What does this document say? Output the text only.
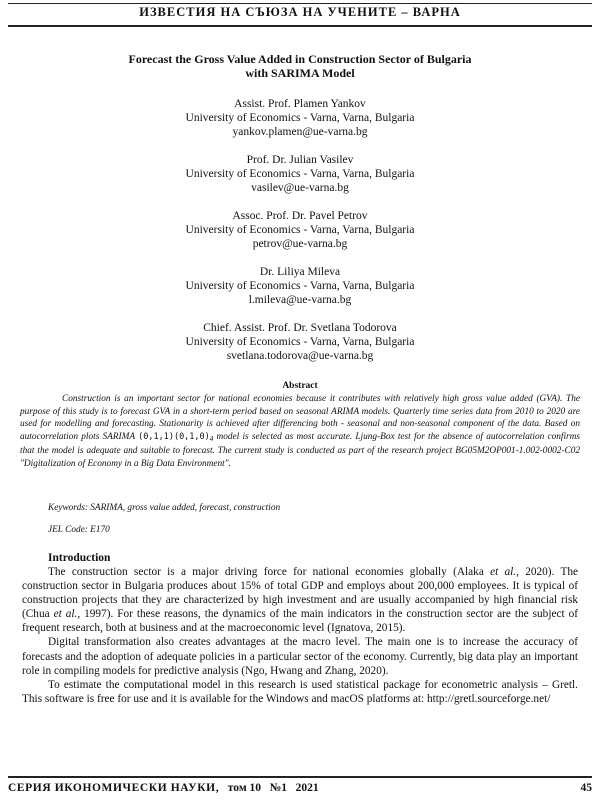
ИЗВЕСТИЯ НА СЪЮЗА НА УЧЕНИТЕ – ВАРНА
Forecast the Gross Value Added in Construction Sector of Bulgaria
with SARIMA Model
Assist. Prof. Plamen Yankov
University of Economics - Varna, Varna, Bulgaria
yankov.plamen@ue-varna.bg
Prof. Dr. Julian Vasilev
University of Economics - Varna, Varna, Bulgaria
vasilev@ue-varna.bg
Assoc. Prof. Dr. Pavel Petrov
University of Economics - Varna, Varna, Bulgaria
petrov@ue-varna.bg
Dr. Liliya Mileva
University of Economics - Varna, Varna, Bulgaria
l.mileva@ue-varna.bg
Chief. Assist. Prof. Dr. Svetlana Todorova
University of Economics - Varna, Varna, Bulgaria
svetlana.todorova@ue-varna.bg
Abstract
Construction is an important sector for national economies because it contributes with relatively high gross value added (GVA). The purpose of this study is to forecast GVA in a short-term period based on seasonal ARIMA models. Quarterly time series data from 2010 to 2020 are used for modelling and forecasting. Stationarity is achieved after differencing both - seasonal and non-seasonal component of the data. Based on autocorrelation plots SARIMA $(0,1,1)(0,1,0)_4$ model is selected as most accurate. Ljung-Box test for the absence of autocorrelation confirms that the model is adequate and suitable to forecast. The current study is conducted as part of the research project BG05M2OP001-1.002-0002-C02 "Digitalization of Economy in a Big Data Environment".
Keywords: SARIMA, gross value added, forecast, construction
JEL Code: E170
Introduction

The construction sector is a major driving force for national economies globally (Alaka et al., 2020). The construction sector in Bulgaria produces about 15% of total GDP and employs about 200,000 employees. It is typical of construction projects that they are characterized by high investment and are usually accompanied by high financial risk (Chua et al., 1997). For these reasons, the dynamics of the main indicators in the construction sector are the subject of frequent research, both at business and at the macroeconomic level (Ignatova, 2015).

Digital transformation also creates advantages at the macro level. The main one is to increase the accuracy of forecasts and the adoption of adequate policies in a particular sector of the economy. Currently, big data play an important role in compiling models for predictive analysis (Ngo, Hwang and Zhang, 2020).

To estimate the computational model in this research is used statistical package for econometric analysis – Gretl. This software is free for use and it is available for the Windows and macOS platforms at: http://gretl.sourceforge.net/

СЕРИЯ ИКОНОМИЧЕСКИ НАУКИ, том 10 №1 2021	45
